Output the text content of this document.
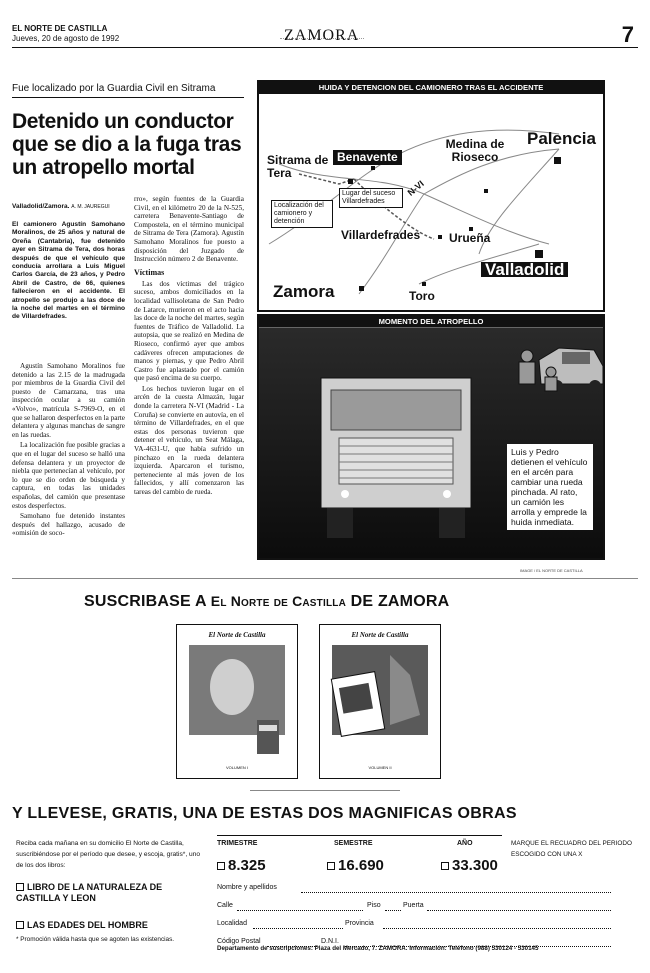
EL NORTE DE CASTILLA
Jueves, 20 de agosto de 1992	ZAMORA	7
Fue localizado por la Guardia Civil en Sitrama
Detenido un conductor que se dio a la fuga tras un atropello mortal
Valladolid/Zamora. A. M. JAUREGUI
El camionero Agustín Samohano Moralinos, de 25 años y natural de Oreña (Cantabria), fue detenido ayer en Sitrama de Tera, dos horas después de que el vehículo que conducía arrollara a Luis Miguel Carlos García, de 23 años, y Pedro Abril de Castro, de 66, quienes fallecieron en el accidente. El atropello se produjo a las doce de la noche del martes en el término de Villardefrades.

Agustín Samohano Moralinos fue detenido a las 2.15 de la madrugada por miembros de la Guardia Civil del puesto de Camarzana, tras una inspección ocular a su camión «Volvo», matrícula S-7969-O, en el que se hallaron desperfectos en la parte delantera y algunas manchas de sangre en las ruedas.

La localización fue posible gracias a que en el lugar del suceso se halló una defensa delantera y un proyector de niebla que pertenecían al vehículo, por lo que se dio orden de búsqueda y captura, en todas las unidades españolas, del camión que presentase estos desperfectos.

Samohano fue detenido instantes después del hallazgo, acusado de «omisión de soco-

rro», según fuentes de la Guardia Civil, en el kilómetro 20 de la N-525, carretera Benavente-Santiago de Compostela, en el término municipal de Sitrama de Tera (Zamora). Agustín Samohano Moralinos fue puesto a disposición del Juzgado de Instrucción número 2 de Benavente.

Víctimas

Las dos víctimas del trágico suceso, ambos domiciliados en la localidad vallisoletana de San Pedro de Latarce, murieron en el acto hacia las doce de la noche del martes, según fuentes de Tráfico de Valladolid. La autopsia, que se realizó en Medina de Rioseco, confirmó ayer que ambos cadáveres ofrecen amputaciones de manos y piernas, y que Pedro Abril Castro fue aplastado por el camión que pasó encima de su cuerpo.

Los hechos tuvieron lugar en el arcén de la cuesta Almazán, lugar donde la carretera N-VI (Madrid - La Coruña) se convierte en autovía, en el término de Villardefrades, en el que estas dos personas tuvieron que detener el vehículo, un Seat Málaga, VA-4631-U, que había sufrido un pinchazo en la rueda delantera izquierda. Aparcaron el turismo, perteneciente al más joven de los fallecidos, y allí comenzaron las tareas del cambio de rueda.

HUIDA Y DETENCION DEL CAMIONERO TRAS EL ACCIDENTE
Sitrama de Tera
Benavente
Medina de Rioseco
Palencia
N-VI
Villardefrades Urueña
Valladolid
Zamora	Toro
Localización del camionero y detención
Lugar del suceso Villardefrades
MOMENTO DEL ATROPELLO
Luis y Pedro detienen el vehículo en el arcén para cambiar una rueda pinchada. Al rato, un camión les arrolla y emprede la huida inmediata.
IMAGE / EL NORTE DE CASTILLA
SUSCRIBASE A El Norte de Castilla DE ZAMORA
El Norte de Castilla
VOLUMEN I
El Norte de Castilla
VOLUMEN II
Y LLEVESE, GRATIS, UNA DE ESTAS DOS MAGNIFICAS OBRAS
Reciba cada mañana en su domicilio El Norte de Castilla, suscribiéndose por el período que desee, y escoja, gratis*, uno de los dos libros:
LIBRO DE LA NATURALEZA DE CASTILLA Y LEON
LAS EDADES DEL HOMBRE
* Promoción válida hasta que se agoten las existencias.
TRIMESTRE	SEMESTRE	AÑO
8.325	16.690	33.300
MARQUE EL RECUADRO DEL PERIODO ESCOGIDO CON UNA X
Nombre y apellidos
Calle	Piso	Puerta
Localidad	Provincia
Código Postal	D.N.I.
Departamento de suscripciones: Plaza del Mercado, 7. ZAMORA. Información: Teléfono (988) 530124 - 530145
